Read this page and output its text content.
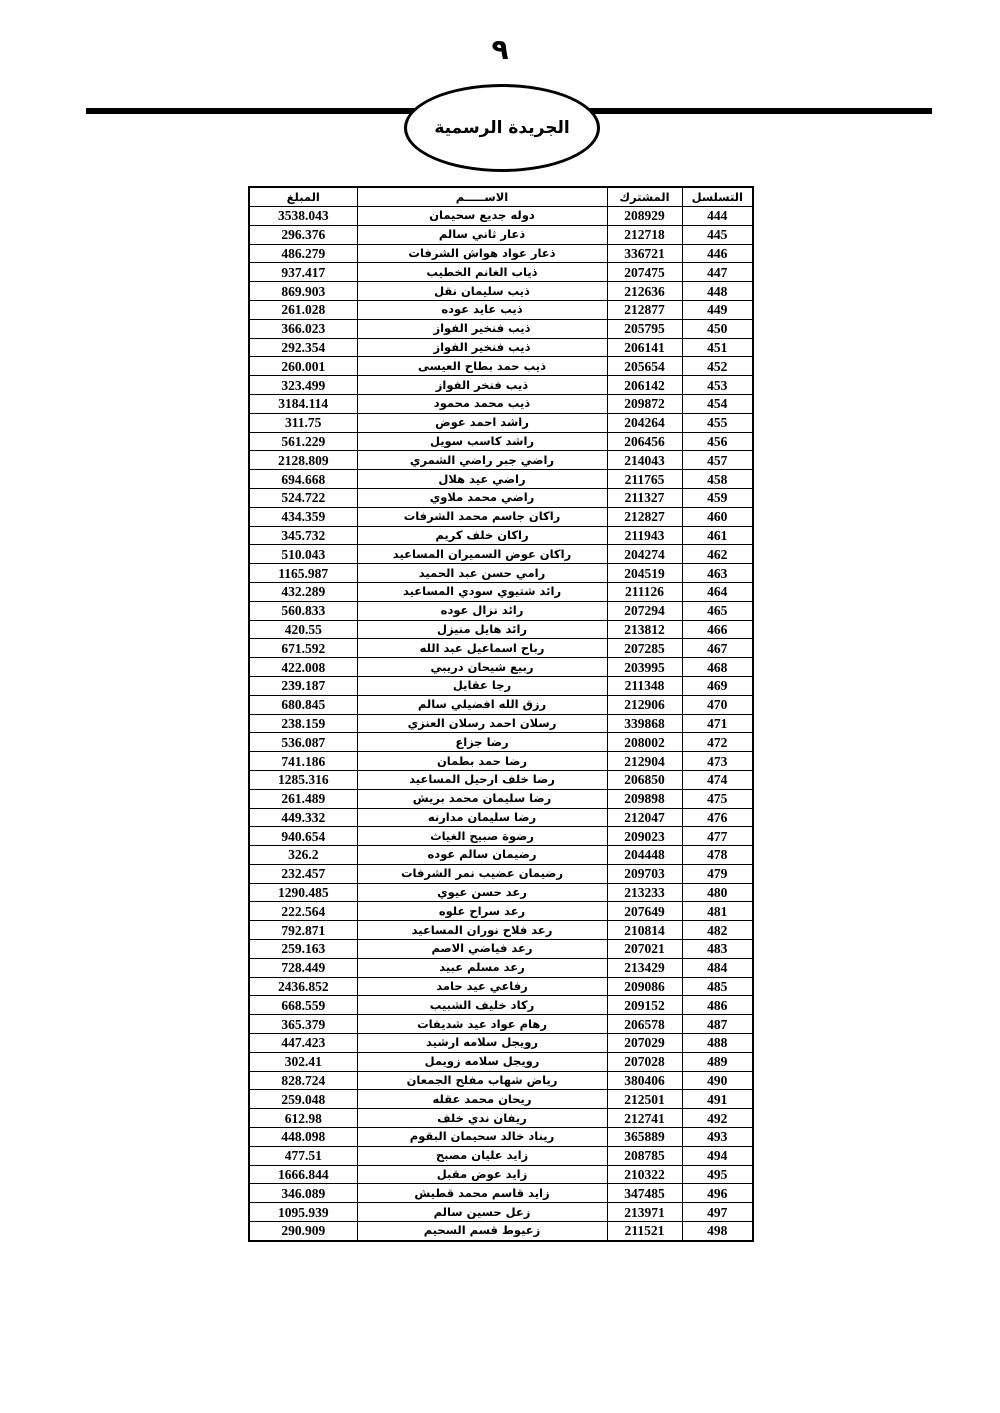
٩
الجريدة الرسمية
التسلسل	المشترك	الاســـــم	المبلغ
444	208929	دوله جديع سحيمان	3538.043
445	212718	ذعار ثاني سالم	296.376
446	336721	ذعار عواد هواش الشرفات	486.279
447	207475	ذياب الغانم الخطيب	937.417
448	212636	ذيب سليمان نقل	869.903
449	212877	ذيب عايد عوده	261.028
450	205795	ذيب فنخير الفواز	366.023
451	206141	ذيب فنخير الفواز	292.354
452	205654	ذيب حمد بطاح العيسى	260.001
453	206142	ذيب فنخر الفواز	323.499
454	209872	ذيب محمد محمود	3184.114
455	204264	راشد احمد عوض	311.75
456	206456	راشد كاسب سويل	561.229
457	214043	راضي جبر راضي الشمري	2128.809
458	211765	راضي عيد هلال	694.668
459	211327	راضي محمد ملاوي	524.722
460	212827	راكان جاسم محمد الشرفات	434.359
461	211943	راكان خلف كريم	345.732
462	204274	راكان عوض السميران المساعيد	510.043
463	204519	رامي حسن عبد الحميد	1165.987
464	211126	رائد شتيوي سودي المساعيد	432.289
465	207294	رائد نزال عوده	560.833
466	213812	رائد هايل منيزل	420.55
467	207285	رباح اسماعيل عبد الله	671.592
468	203995	ربيع شيحان دريبي	422.008
469	211348	رجا عقايل	239.187
470	212906	رزق الله افضيلي سالم	680.845
471	339868	رسلان احمد رسلان العنزي	238.159
472	208002	رضا جزاع	536.087
473	212904	رضا حمد بطمان	741.186
474	206850	رضا خلف ارحيل المساعيد	1285.316
475	209898	رضا سليمان محمد بريش	261.489
476	212047	رضا سليمان مدارنه	449.332
477	209023	رضوة صبيح الغياث	940.654
478	204448	رضيمان سالم عوده	326.2
479	209703	رضيمان عضيب نمر الشرفات	232.457
480	213233	رعد حسن عيوي	1290.485
481	207649	رعد سراح علوه	222.564
482	210814	رعد فلاح نوران المساعيد	792.871
483	207021	رعد فياضي الاصم	259.163
484	213429	رعد مسلم عبيد	728.449
485	209086	رفاعي عيد حامد	2436.852
486	209152	ركاد خليف الشبيب	668.559
487	206578	رهام عواد عيد شديفات	365.379
488	207029	رويجل سلامه ارشيد	447.423
489	207028	رويجل سلامه زويمل	302.41
490	380406	رياض شهاب مفلح الجمعان	828.724
491	212501	ريحان محمد عقله	259.048
492	212741	ريفان ندي خلف	612.98
493	365889	ريناد خالد سحيمان البقوم	448.098
494	208785	زايد عليان مصبح	477.51
495	210322	زايد عوض مقبل	1666.844
496	347485	زايد قاسم محمد قطيش	346.089
497	213971	زعل حسين سالم	1095.939
498	211521	زعيوط قسم السحيم	290.909
